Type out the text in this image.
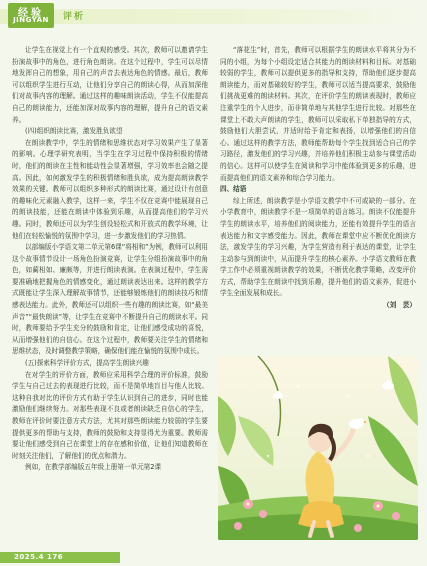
经验
JINGYAN	评析

让学生在视觉上有一个直观的感受。其次，教师可以邀请学生扮演故事中的角色，进行角色朗读。在这个过程中，学生可以尽情地发挥自己的想象，用自己的声音去表达角色的情感。最后，教师可以组织学生进行互动，让他们分享自己的朗读心得，从而加深他们对故事内容的理解。通过这样的趣味朗读活动，学生不仅能提高自己的朗读能力，还能加深对故事内容的理解，提升自己的语文素养。

(四)组织朗读比赛，激发胜负欲望

在朗读教学中，学生的情绪和思维状态对学习效果产生了显著的影响。心理学研究表明，当学生在学习过程中保持积极的情绪时，他们的朗读在主性和能动性会显著增强，学习效率也会随之提高。因此，如何激发学生的积极情绪和胜负欲，成为提高朗读教学效果的关键。教师可以组织多种形式的朗读比赛，通过设计有创意的趣味化元素融入教学，这样一来，学生不仅在竞赛中能展现自己的朗读技能，还能在朗读中体验到乐趣，从而提高他们的学习兴趣。同时，教师还可以为学生创设轻松式和开放式的教学环境，让他们在轻松愉悦的氛围中学习，进一步激发他们的学习热情。

以部编版小学语文第二单元第6课“将相和”为例，教师可以利用这个故事情节设计一场角色扮演竞赛，让学生分组扮演故事中的角色，如蔺相如、廉颇等，并进行朗读表演。在表演过程中，学生需要准确地把握角色的情感变化，通过朗读表达出来。这样的教学方式既能让学生深入理解故事情节，还能够锻炼他们的朗读技巧和情感表达能力。此外，教师还可以组织一些有趣的朗读比赛，如“最美声音”“最快朗读”等，让学生在竞赛中不断提升自己的朗读水平。同时，教师要给予学生充分的鼓励和肯定，让他们感受成功的喜悦，从而增强他们的自信心。在这个过程中，教师要关注学生的情绪和思维状态，及时调整教学策略，确保他们能在愉悦的氛围中成长。

(五)探索科学评价方式，提高学生朗读兴趣

在对学生的评价方面，教师应采用科学合理的评价标准，鼓励学生与自己过去的表现进行比较，而不是简单地盲目与他人比较。这种自我对比的评价方式有助于学生认识到自己的进步，同时也能激励他们继续努力。对那些表现不良或者朗读缺乏自信心的学生，教师在评价时要注意方式方法，尤其对那些朗读能力较弱的学生要提供更多的帮助与支持，教师的鼓励和支持显得尤为重要。教师需要让他们感受到自己在课堂上的存在感和价值，让他们知道教师在时刻关注他们，了解他们的优点和潜力。

例如，在教学部编版五年级上册第一单元第2课

“落花生”时，首先，教师可以根据学生的朗读水平将其分为不同的小组，为每个小组设定适合其能力的朗读材料和目标。对基础较弱的学生，教师可以提供更多的指导和支持，帮助他们逐步提高朗读能力，而对基础较好的学生，教师可以适当提高要求，鼓励他们挑战更难的朗读材料。其次，在评价学生的朗读表现时，教师应注重学生的个人进步，而非简单地与其他学生进行比较。对那些在课堂上不敢大声朗读的学生，教师可以采取私下单独指导的方式，鼓励他们大胆尝试，并适时给予肯定和表扬，以增强他们的自信心。通过这样的教学方法，教师能帮助每个学生找到适合自己的学习路径，激发他们的学习兴趣，并培养他们积极主动参与课堂活动的信心。这样可以使学生在阅读和学习中能体验到更多的乐趣，进而提高他们的语文素养和综合学习能力。

四、结语

综上所述，朗读教学是小学语文教学中不可或缺的一部分。在小学教育中，朗读教学不是一项简单的语言练习。朗读不仅能提升学生的朗读水平，培养他们的阅读能力，还能有效提升学生的语言表达能力和文字感受能力。因此，教师在课堂中应不断优化朗读方法，激发学生的学习兴趣，为学生营造有利于表达的课堂，让学生主动参与到朗读中，从而提升学生的核心素养。小学语文教师在教学工作中必须重视朗读教学的效果，不断优化教学策略，改变评价方式，帮助学生在朗读中找到乐趣，提升他们的语文素养，促进小学生全面发展和成长。

（刘　芸）

2025.4 176
